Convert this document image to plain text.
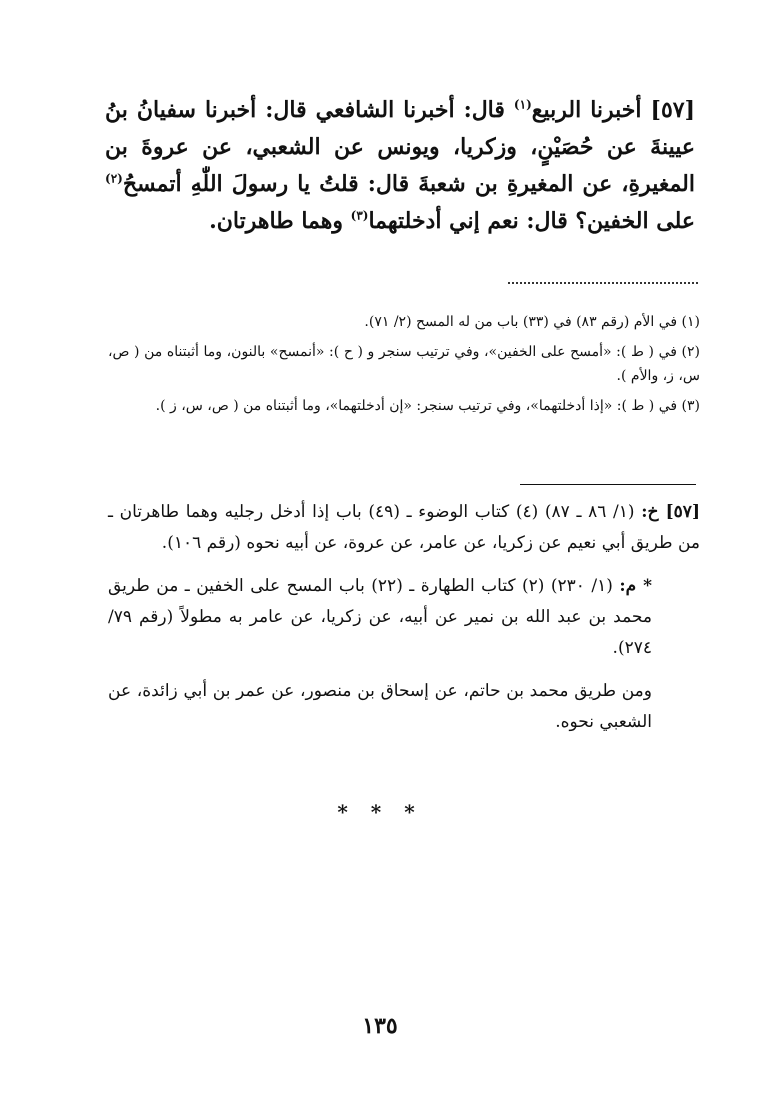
[٥٧] أخبرنا الربيع$^{(١)}$ قال: أخبرنا الشافعي قال: أخبرنا سفيانُ بنُ عيينةَ عن حُصَيْنٍ، وزكريا، ويونس عن الشعبي، عن عروةَ بن المغيرةِ، عن المغيرةِ بن شعبةَ قال: قلتُ يا رسولَ اللّٰهِ أتمسحُ$^{(٢)}$ على الخفين؟ قال: نعم إني أدخلتهما$^{(٣)}$ وهما طاهرتان.

(١) في الأم (رقم ٨٣) في (٣٣) باب من له المسح (٢/ ٧١).

(٢) في ( ط ): «أمسح على الخفين»، وفي ترتيب سنجر و ( ح ): «أنمسح» بالنون، وما أثبتناه من ( ص، س، ز، والأم ).

(٣) في ( ط ): «إذا أدخلتهما»، وفي ترتيب سنجر: «إن أدخلتهما»، وما أثبتناه من ( ص، س، ز ).

[٥٧] خ: (١/ ٨٦ ـ ٨٧) (٤) كتاب الوضوء ـ (٤٩) باب إذا أدخل رجليه وهما طاهرتان ـ من طريق أبي نعيم عن زكريا، عن عامر، عن عروة، عن أبيه نحوه (رقم ١٠٦).

* م: (١/ ٢٣٠) (٢) كتاب الطهارة ـ (٢٢) باب المسح على الخفين ـ من طريق محمد بن عبد الله بن نمير عن أبيه، عن زكريا، عن عامر به مطولاً (رقم ٧٩/ ٢٧٤).

ومن طريق محمد بن حاتم، عن إسحاق بن منصور، عن عمر بن أبي زائدة، عن الشعبي نحوه.

* * *
١٣٥
